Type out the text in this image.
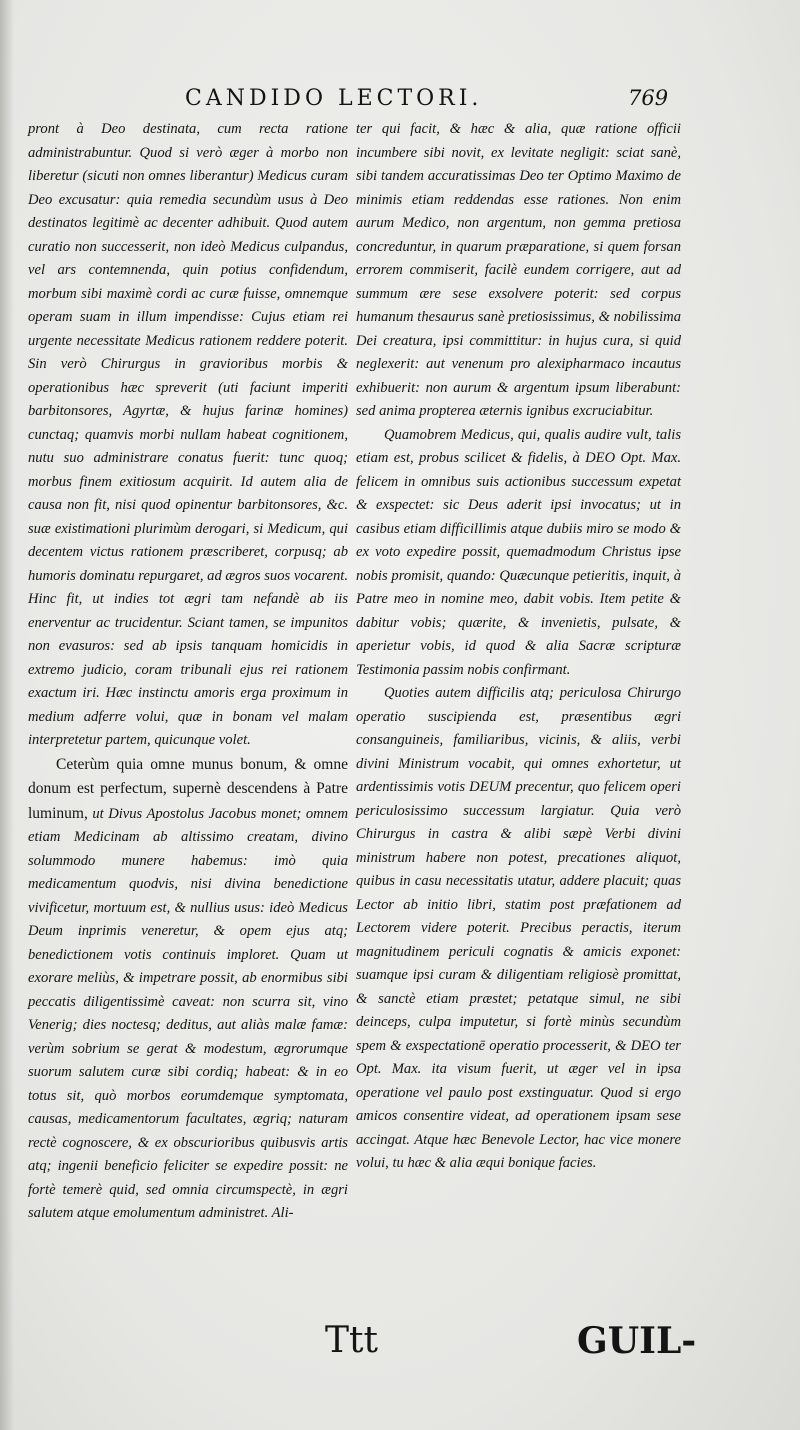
CANDIDO LECTORI.	769

pront à Deo destinata, cum recta ratione administrabuntur. Quod si verò æger à morbo non liberetur (sicuti non omnes liberantur) Medicus curam Deo excusatur: quia remedia secundùm usus à Deo destinatos legitimè ac decenter adhibuit. Quod autem curatio non successerit, non ideò Medicus culpandus, vel ars contemnenda, quin potius confidendum, morbum sibi maximè cordi ac curæ fuisse, omnemque operam suam in illum impendisse: Cujus etiam rei urgente necessitate Medicus rationem reddere poterit. Sin verò Chirurgus in gravioribus morbis & operationibus hæc spreverit (uti faciunt imperiti barbitonsores, Agyrtæ, & hujus farinæ homines) cunctaq; quamvis morbi nullam habeat cognitionem, nutu suo administrare conatus fuerit: tunc quoq; morbus finem exitiosum acquirit. Id autem alia de causa non fit, nisi quod opinentur barbitonsores, &c. suæ existimationi plurimùm derogari, si Medicum, qui decentem victus rationem præscriberet, corpusq; ab humoris dominatu repurgaret, ad ægros suos vocarent. Hinc fit, ut indies tot ægri tam nefandè ab iis enerventur ac trucidentur. Sciant tamen, se impunitos non evasuros: sed ab ipsis tanquam homicidis in extremo judicio, coram tribunali ejus rei rationem exactum iri. Hæc instinctu amoris erga proximum in medium adferre volui, quæ in bonam vel malam interpretetur partem, quicunque volet.

Ceterùm quia omne munus bonum, & omne donum est perfectum, supernè descendens à Patre luminum, ut Divus Apostolus Jacobus monet; omnem etiam Medicinam ab altissimo creatam, divino solummodo munere habemus: imò quia medicamentum quodvis, nisi divina benedictione vivificetur, mortuum est, & nullius usus: ideò Medicus Deum inprimis veneretur, & opem ejus atq; benedictionem votis continuis imploret. Quam ut exorare meliùs, & impetrare possit, ab enormibus sibi peccatis diligentissimè caveat: non scurra sit, vino Venerig; dies noctesq; deditus, aut aliàs malæ famæ: verùm sobrium se gerat & modestum, ægrorumque suorum salutem curæ sibi cordiq; habeat: & in eo totus sit, quò morbos eorumdemque symptomata, causas, medicamentorum facultates, ægriq; naturam rectè cognoscere, & ex obscurioribus quibusvis artis atq; ingenii beneficio feliciter se expedire possit: ne fortè temerè quid, sed omnia circumspectè, in ægri salutem atque emolumentum administret. Ali-

ter qui facit, & hæc & alia, quæ ratione officii incumbere sibi novit, ex levitate negligit: sciat sanè, sibi tandem accuratissimas Deo ter Optimo Maximo de minimis etiam reddendas esse rationes. Non enim aurum Medico, non argentum, non gemma pretiosa concreduntur, in quarum præparatione, si quem forsan errorem commiserit, facilè eundem corrigere, aut ad summum ære sese exsolvere poterit: sed corpus humanum thesaurus sanè pretiosissimus, & nobilissima Dei creatura, ipsi committitur: in hujus cura, si quid neglexerit: aut venenum pro alexipharmaco incautus exhibuerit: non aurum & argentum ipsum liberabunt: sed anima propterea æternis ignibus excruciabitur.

Quamobrem Medicus, qui, qualis audire vult, talis etiam est, probus scilicet & fidelis, à DEO Opt. Max. felicem in omnibus suis actionibus successum expetat & exspectet: sic Deus aderit ipsi invocatus; ut in casibus etiam difficillimis atque dubiis miro se modo & ex voto expedire possit, quemadmodum Christus ipse nobis promisit, quando: Quæcunque petieritis, inquit, à Patre meo in nomine meo, dabit vobis. Item petite & dabitur vobis; quærite, & invenietis, pulsate, & aperietur vobis, id quod & alia Sacræ scripturæ Testimonia passim nobis confirmant.

Quoties autem difficilis atq; periculosa Chirurgo operatio suscipienda est, præsentibus ægri consanguineis, familiaribus, vicinis, & aliis, verbi divini Ministrum vocabit, qui omnes exhortetur, ut ardentissimis votis DEUM precentur, quo felicem operi periculosissimo successum largiatur. Quia verò Chirurgus in castra & alibi sæpè Verbi divini ministrum habere non potest, precationes aliquot, quibus in casu necessitatis utatur, addere placuit; quas Lector ab initio libri, statim post præfationem ad Lectorem videre poterit. Precibus peractis, iterum magnitudinem periculi cognatis & amicis exponet: suamque ipsi curam & diligentiam religiosè promittat, & sanctè etiam præstet; petatque simul, ne sibi deinceps, culpa imputetur, si fortè minùs secundùm spem & exspectationē operatio processerit, & DEO ter Opt. Max. ita visum fuerit, ut æger vel in ipsa operatione vel paulo post exstinguatur. Quod si ergo amicos consentire videat, ad operationem ipsam sese accingat. Atque hæc Benevole Lector, hac vice monere volui, tu hæc & alia æqui bonique facies.

Ttt	GUIL-
